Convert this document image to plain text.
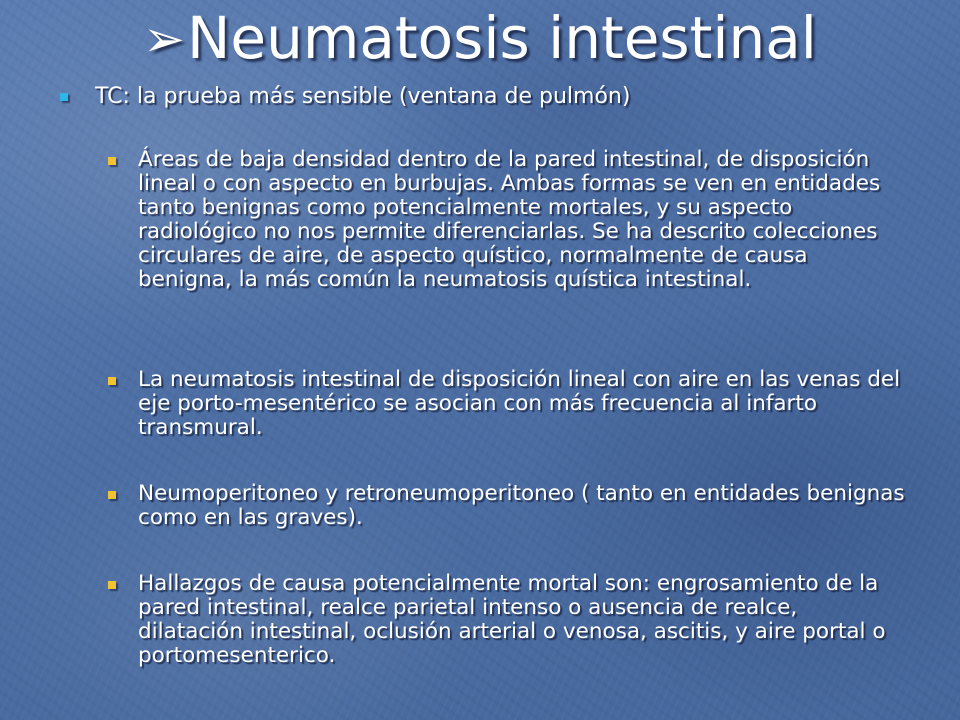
➢Neumatosis intestinal
TC: la prueba más sensible (ventana de pulmón)
Áreas de baja densidad dentro de la pared intestinal, de disposición lineal o con aspecto en burbujas. Ambas formas se ven en entidades tanto benignas como potencialmente mortales, y su aspecto radiológico no nos permite diferenciarlas. Se ha descrito colecciones circulares de aire, de aspecto quístico, normalmente de causa benigna, la más común la neumatosis quística intestinal.
La neumatosis intestinal de disposición lineal con aire en las venas del eje porto-mesentérico se asocian con más frecuencia al infarto transmural.
Neumoperitoneo y retroneumoperitoneo ( tanto en entidades benignas como en las graves).
Hallazgos de causa potencialmente mortal son: engrosamiento de la pared intestinal, realce parietal intenso o ausencia de realce, dilatación intestinal, oclusión arterial o venosa, ascitis, y aire portal o portomesenterico.
